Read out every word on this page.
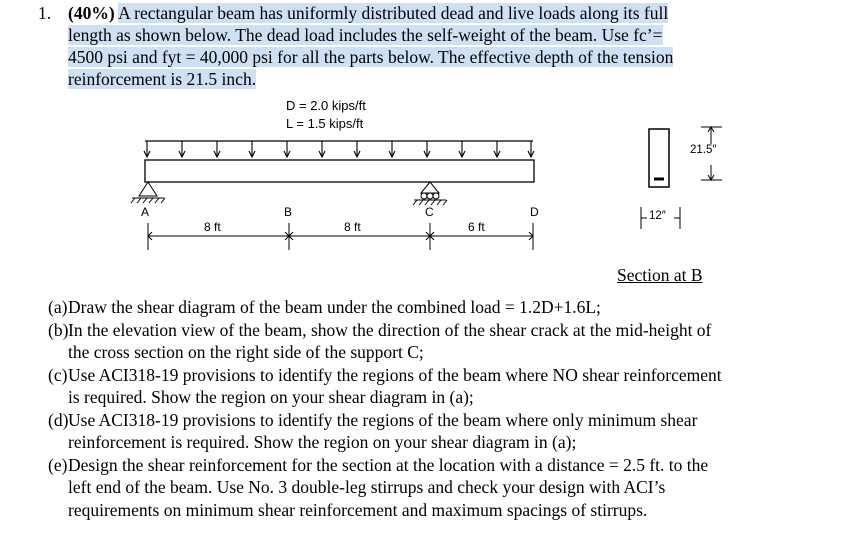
1. (40%) A rectangular beam has uniformly distributed dead and live loads along its full
length as shown below. The dead load includes the self-weight of the beam. Use fc’=
4500 psi and fyt = 40,000 psi for all the parts below. The effective depth of the tension
reinforcement is 21.5 inch.
D = 2.0 kips/ft
L = 1.5 kips/ft
A	B	C	D
8 ft	8 ft	6 ft
21.5″
12″
Section at B
(a) Draw the shear diagram of the beam under the combined load = 1.2D+1.6L;
(b) In the elevation view of the beam, show the direction of the shear crack at the mid-height of
the cross section on the right side of the support C;
(c) Use ACI318-19 provisions to identify the regions of the beam where NO shear reinforcement
is required. Show the region on your shear diagram in (a);
(d) Use ACI318-19 provisions to identify the regions of the beam where only minimum shear
reinforcement is required. Show the region on your shear diagram in (a);
(e) Design the shear reinforcement for the section at the location with a distance = 2.5 ft. to the
left end of the beam. Use No. 3 double-leg stirrups and check your design with ACI’s
requirements on minimum shear reinforcement and maximum spacings of stirrups.
